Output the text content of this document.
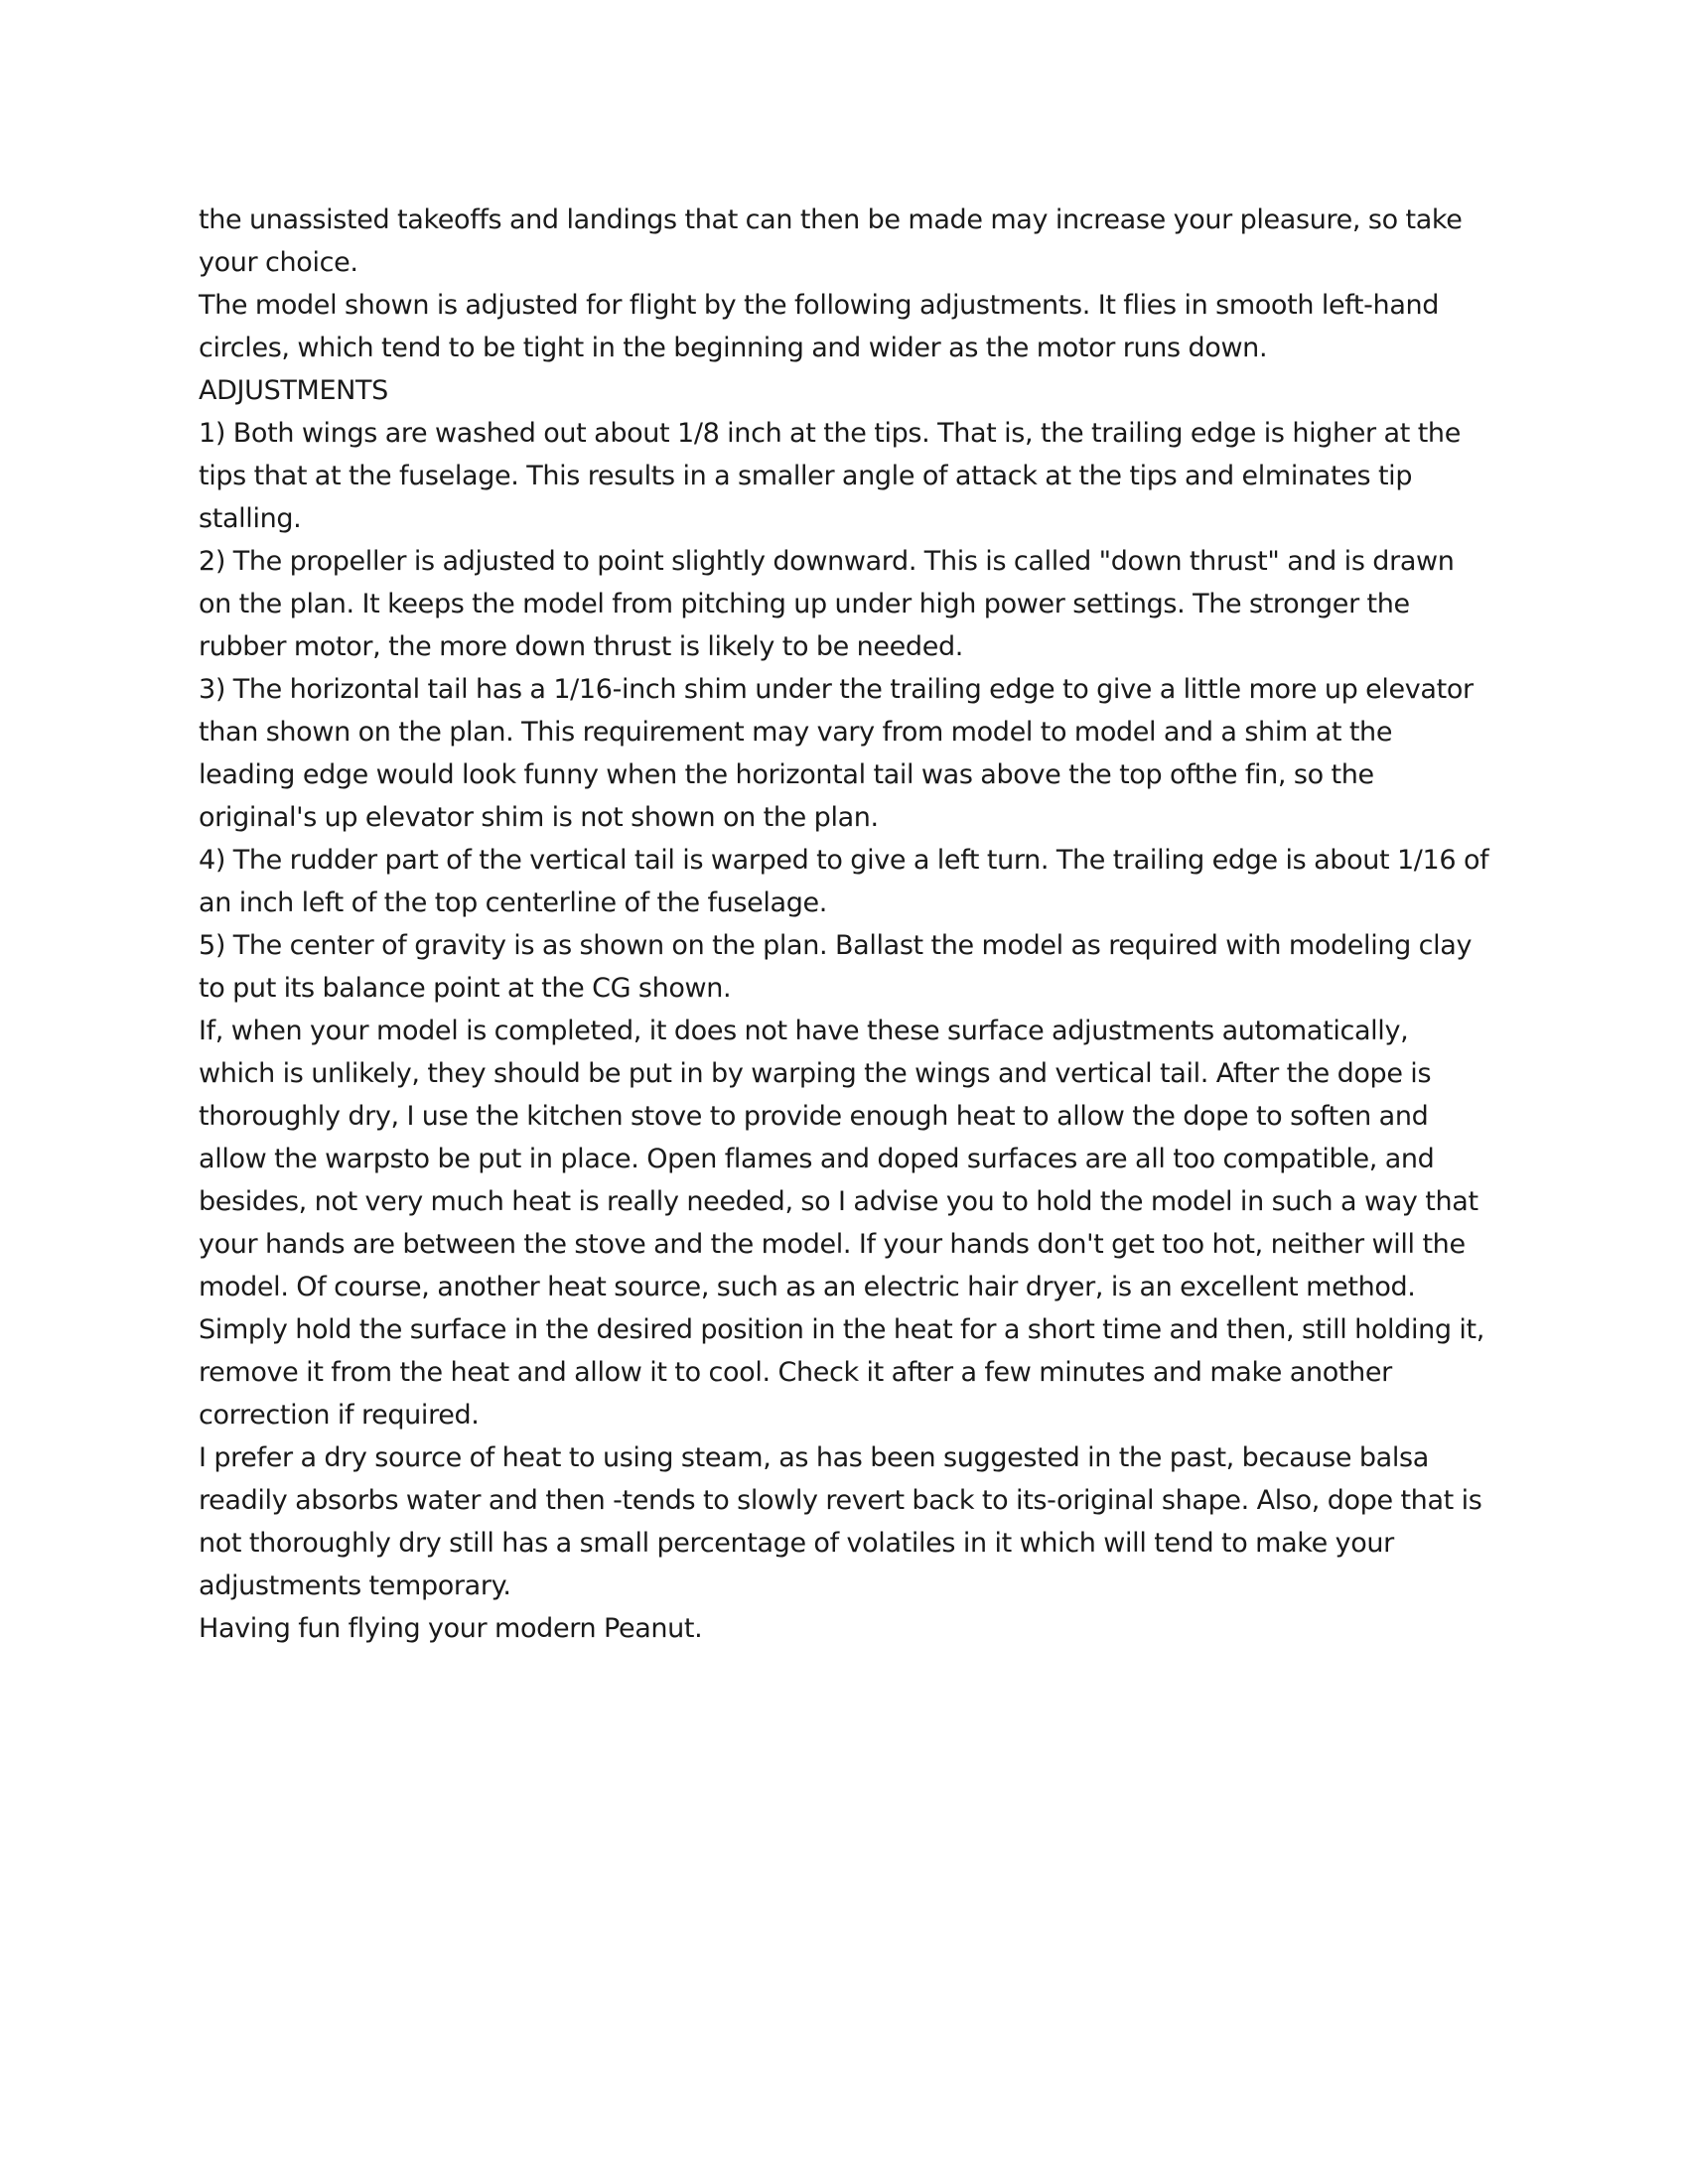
the unassisted takeoffs and landings that can then be made may increase your pleasure, so take your choice.

The model shown is adjusted for flight by the following adjustments. It flies in smooth left-hand circles, which tend to be tight in the beginning and wider as the motor runs down.

ADJUSTMENTS

1) Both wings are washed out about 1/8 inch at the tips. That is, the trailing edge is higher at the tips that at the fuselage. This results in a smaller angle of attack at the tips and elminates tip stalling.

2) The propeller is adjusted to point slightly downward. This is called "down thrust" and is drawn on the plan. It keeps the model from pitching up under high power settings. The stronger the rubber motor, the more down thrust is likely to be needed.

3) The horizontal tail has a 1/16-inch shim under the trailing edge to give a little more up elevator than shown on the plan. This requirement may vary from model to model and a shim at the leading edge would look funny when the horizontal tail was above the top ofthe fin, so the original's up elevator shim is not shown on the plan.

4) The rudder part of the vertical tail is warped to give a left turn. The trailing edge is about 1/16 of an inch left of the top centerline of the fuselage.

5) The center of gravity is as shown on the plan. Ballast the model as required with modeling clay to put its balance point at the CG shown.

If, when your model is completed, it does not have these surface adjustments automatically, which is unlikely, they should be put in by warping the wings and vertical tail. After the dope is thoroughly dry, I use the kitchen stove to provide enough heat to allow the dope to soften and allow the warpsto be put in place. Open flames and doped surfaces are all too compatible, and besides, not very much heat is really needed, so I advise you to hold the model in such a way that your hands are between the stove and the model. If your hands don't get too hot, neither will the model. Of course, another heat source, such as an electric hair dryer, is an excellent method. Simply hold the surface in the desired position in the heat for a short time and then, still holding it, remove it from the heat and allow it to cool. Check it after a few minutes and make another correction if required.

I prefer a dry source of heat to using steam, as has been suggested in the past, because balsa readily absorbs water and then -tends to slowly revert back to its-original shape. Also, dope that is not thoroughly dry still has a small percentage of volatiles in it which will tend to make your adjustments temporary.

Having fun flying your modern Peanut.
